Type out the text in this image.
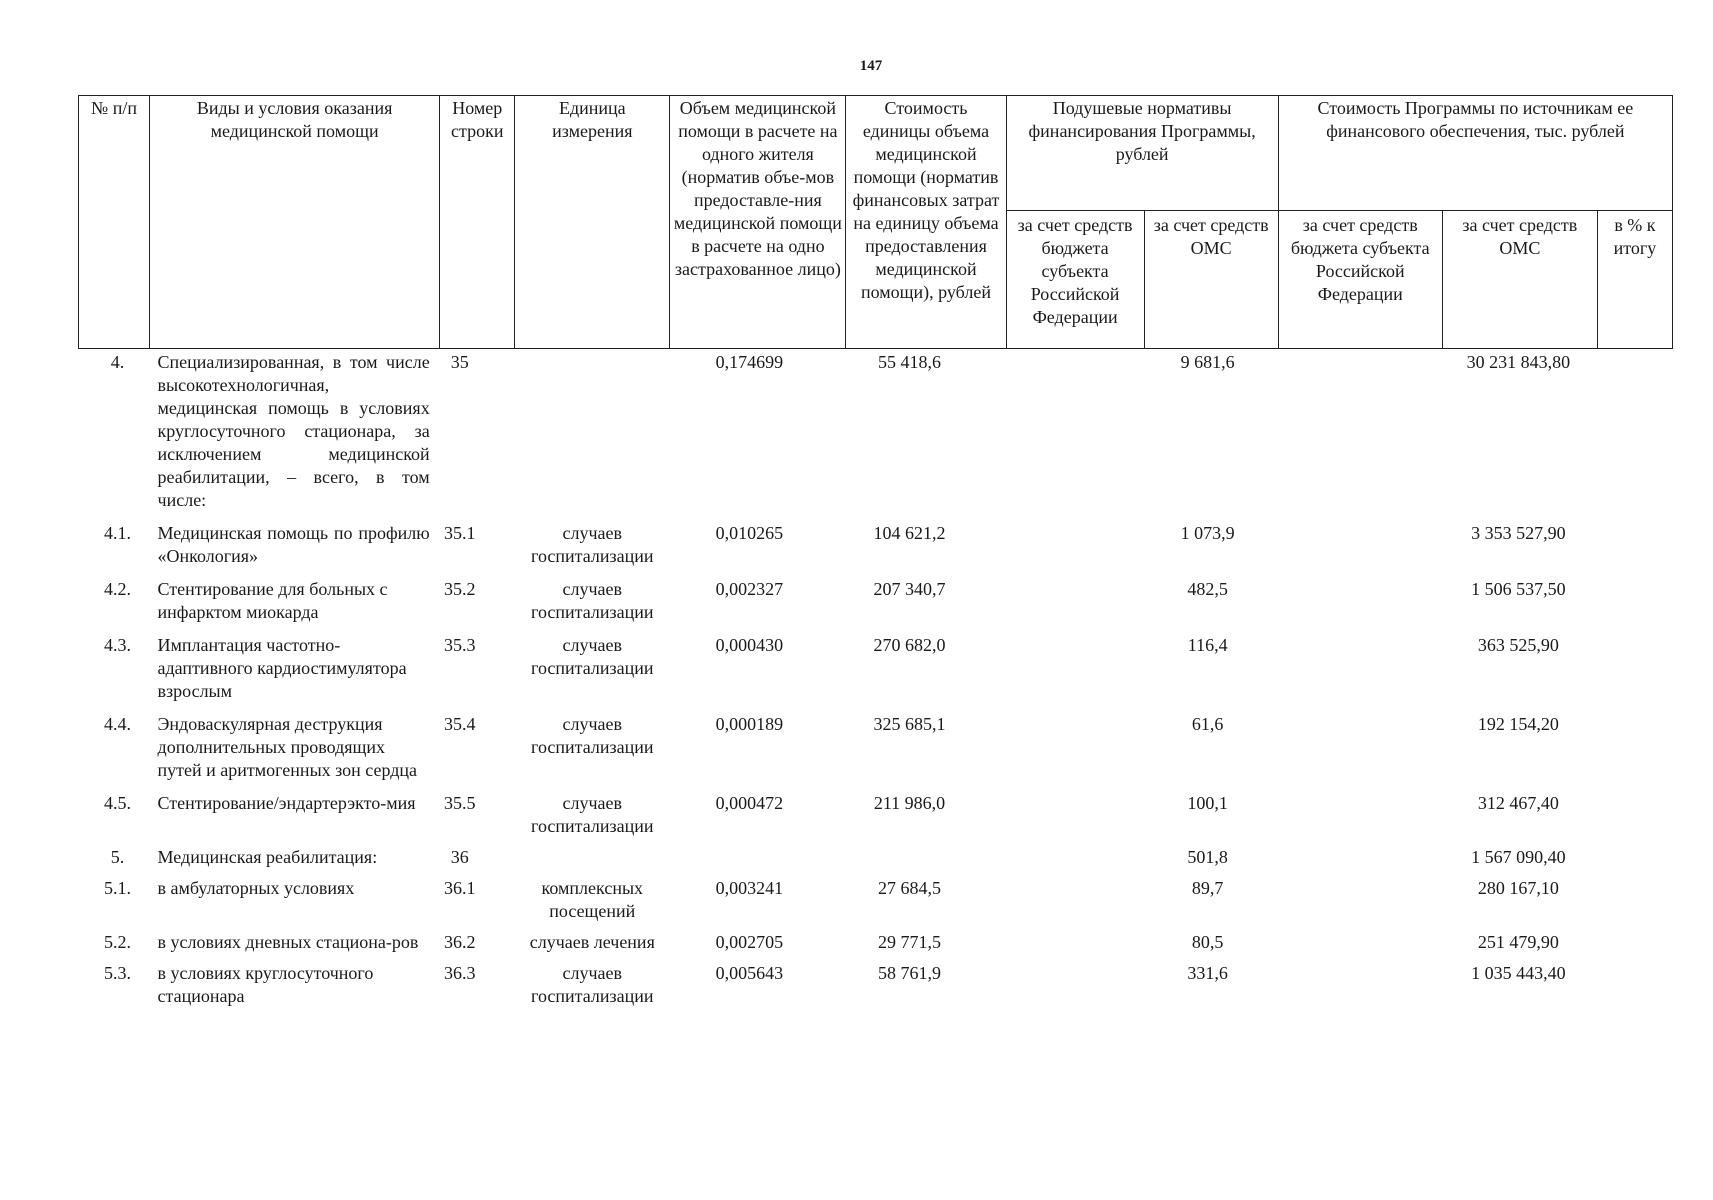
147
№ п/п	Виды и условия оказания медицинской помощи	Номер строки	Единица измерения	Объем медицинской помощи в расчете на одного жителя (норматив объе-мов предоставле-ния медицинской помощи в расчете на одно застрахованное лицо)	Стоимость единицы объема медицинской помощи (норматив финансовых затрат на единицу объема предоставления медицинской помощи), рублей	Подушевые нормативы финансирования Программы, рублей		Стоимость Программы по источникам ее финансового обеспечения, тыс. рублей		
						за счет средств бюджета субъекта Российской Федерации	за счет средств ОМС	за счет средств бюджета субъекта Российской Федерации	за счет средств ОМС	в % к итогу
4.	Специализированная, в том числе высокотехнологичная, медицинская помощь в условиях круглосуточного стационара, за исключением медицинской реабилитации, – всего, в том числе:	35		0,174699	55 418,6		9 681,6		30 231 843,80	
4.1.	Медицинская помощь по профилю «Онкология»	35.1	случаев госпитализации	0,010265	104 621,2		1 073,9		3 353 527,90	
4.2.	Стентирование для больных с инфарктом миокарда	35.2	случаев госпитализации	0,002327	207 340,7		482,5		1 506 537,50	
4.3.	Имплантация частотно-адаптивного кардиостимулятора взрослым	35.3	случаев госпитализации	0,000430	270 682,0		116,4		363 525,90	
4.4.	Эндоваскулярная деструкция дополнительных проводящих путей и аритмогенных зон сердца	35.4	случаев госпитализации	0,000189	325 685,1		61,6		192 154,20	
4.5.	Стентирование/эндартерэкто-мия	35.5	случаев госпитализации	0,000472	211 986,0		100,1		312 467,40	
5.	Медицинская реабилитация:	36					501,8		1 567 090,40	
5.1.	в амбулаторных условиях	36.1	комплексных посещений	0,003241	27 684,5		89,7		280 167,10	
5.2.	в условиях дневных стациона-ров	36.2	случаев лечения	0,002705	29 771,5		80,5		251 479,90	
5.3.	в условиях круглосуточного стационара	36.3	случаев госпитализации	0,005643	58 761,9		331,6		1 035 443,40	
